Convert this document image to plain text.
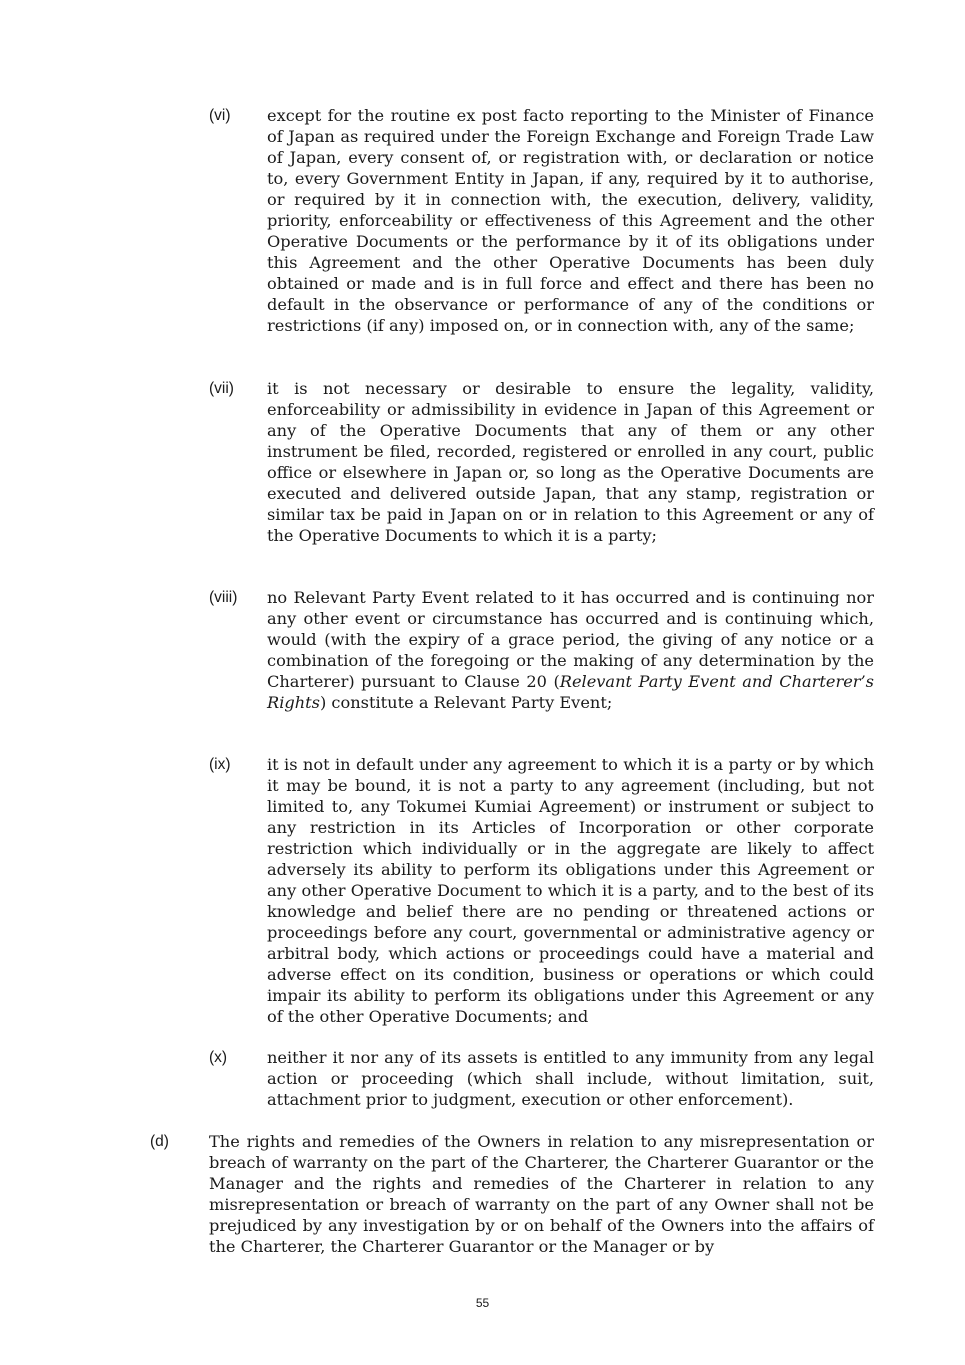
(vi) except for the routine ex post facto reporting to the Minister of Finance of Japan as required under the Foreign Exchange and Foreign Trade Law of Japan, every consent of, or registration with, or declaration or notice to, every Government Entity in Japan, if any, required by it to authorise, or required by it in connection with, the execution, delivery, validity, priority, enforceability or effectiveness of this Agreement and the other Operative Documents or the performance by it of its obligations under this Agreement and the other Operative Documents has been duly obtained or made and is in full force and effect and there has been no default in the observance or performance of any of the conditions or restrictions (if any) imposed on, or in connection with, any of the same;
(vii) it is not necessary or desirable to ensure the legality, validity, enforceability or admissibility in evidence in Japan of this Agreement or any of the Operative Documents that any of them or any other instrument be filed, recorded, registered or enrolled in any court, public office or elsewhere in Japan or, so long as the Operative Documents are executed and delivered outside Japan, that any stamp, registration or similar tax be paid in Japan on or in relation to this Agreement or any of the Operative Documents to which it is a party;
(viii) no Relevant Party Event related to it has occurred and is continuing nor any other event or circumstance has occurred and is continuing which, would (with the expiry of a grace period, the giving of any notice or a combination of the foregoing or the making of any determination by the Charterer) pursuant to Clause 20 (Relevant Party Event and Charterer’s Rights) constitute a Relevant Party Event;
(ix) it is not in default under any agreement to which it is a party or by which it may be bound, it is not a party to any agreement (including, but not limited to, any Tokumei Kumiai Agreement) or instrument or subject to any restriction in its Articles of Incorporation or other corporate restriction which individually or in the aggregate are likely to affect adversely its ability to perform its obligations under this Agreement or any other Operative Document to which it is a party, and to the best of its knowledge and belief there are no pending or threatened actions or proceedings before any court, governmental or administrative agency or arbitral body, which actions or proceedings could have a material and adverse effect on its condition, business or operations or which could impair its ability to perform its obligations under this Agreement or any of the other Operative Documents; and
(x) neither it nor any of its assets is entitled to any immunity from any legal action or proceeding (which shall include, without limitation, suit, attachment prior to judgment, execution or other enforcement).
(d) The rights and remedies of the Owners in relation to any misrepresentation or breach of warranty on the part of the Charterer, the Charterer Guarantor or the Manager and the rights and remedies of the Charterer in relation to any misrepresentation or breach of warranty on the part of any Owner shall not be prejudiced by any investigation by or on behalf of the Owners into the affairs of the Charterer, the Charterer Guarantor or the Manager or by
55
